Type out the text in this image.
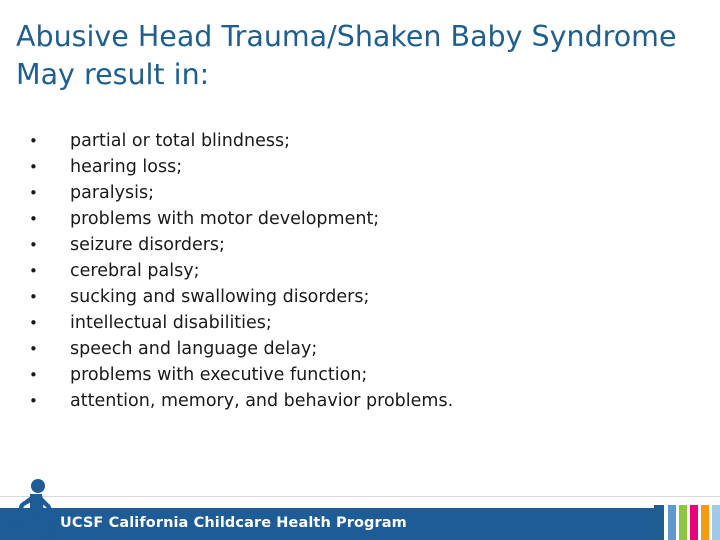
Abusive Head Trauma/Shaken Baby Syndrome
May result in:
• partial or total blindness;
• hearing loss;
• paralysis;
• problems with motor development;
• seizure disorders;
• cerebral palsy;
• sucking and swallowing disorders;
• intellectual disabilities;
• speech and language delay;
• problems with executive function;
• attention, memory, and behavior problems.
UCSF California Childcare Health Program
